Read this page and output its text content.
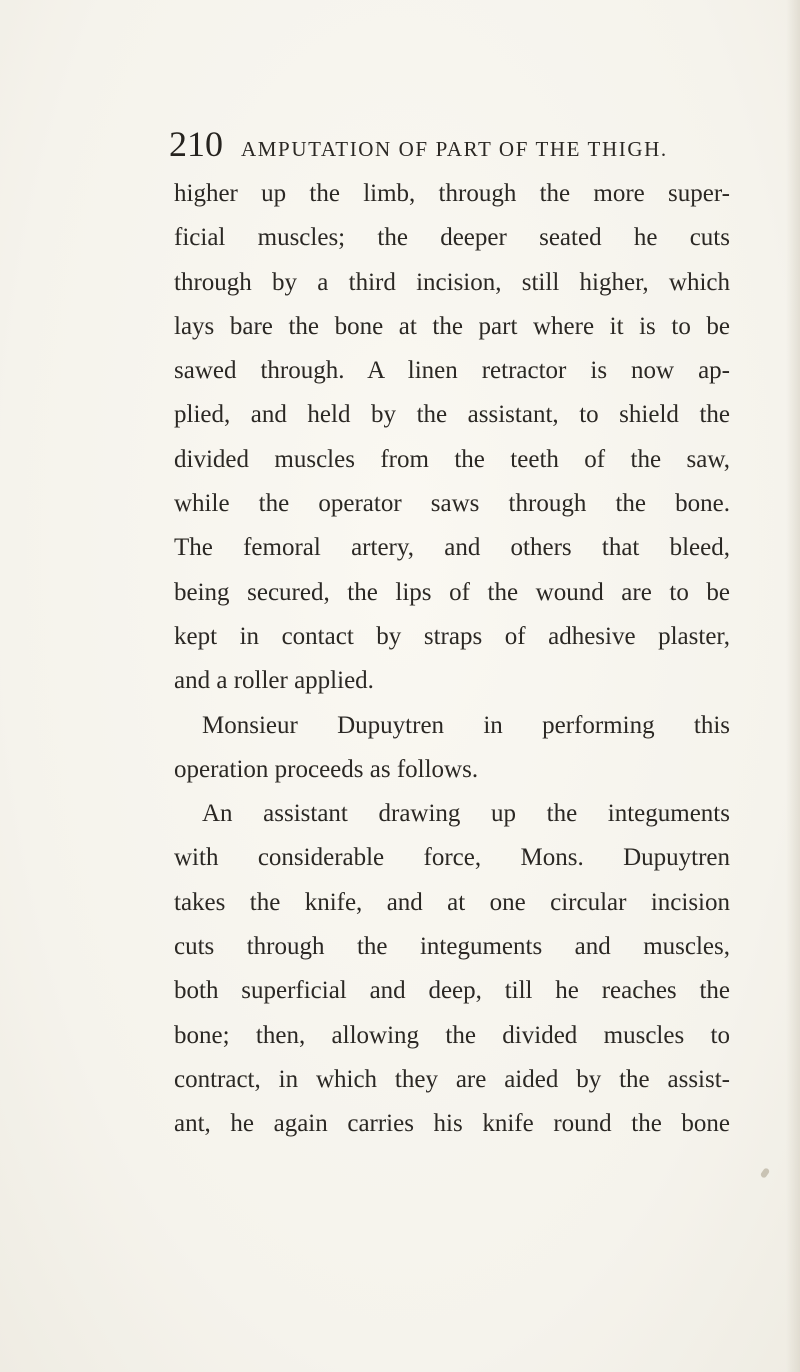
210 AMPUTATION OF PART OF THE THIGH.
higher up the limb, through the more super-
ficial muscles; the deeper seated he cuts
through by a third incision, still higher, which
lays bare the bone at the part where it is to be
sawed through. A linen retractor is now ap-
plied, and held by the assistant, to shield the
divided muscles from the teeth of the saw,
while the operator saws through the bone.
The femoral artery, and others that bleed,
being secured, the lips of the wound are to be
kept in contact by straps of adhesive plaster,
and a roller applied.
Monsieur Dupuytren in performing this
operation proceeds as follows.
An assistant drawing up the integuments
with considerable force, Mons. Dupuytren
takes the knife, and at one circular incision
cuts through the integuments and muscles,
both superficial and deep, till he reaches the
bone; then, allowing the divided muscles to
contract, in which they are aided by the assist-
ant, he again carries his knife round the bone
